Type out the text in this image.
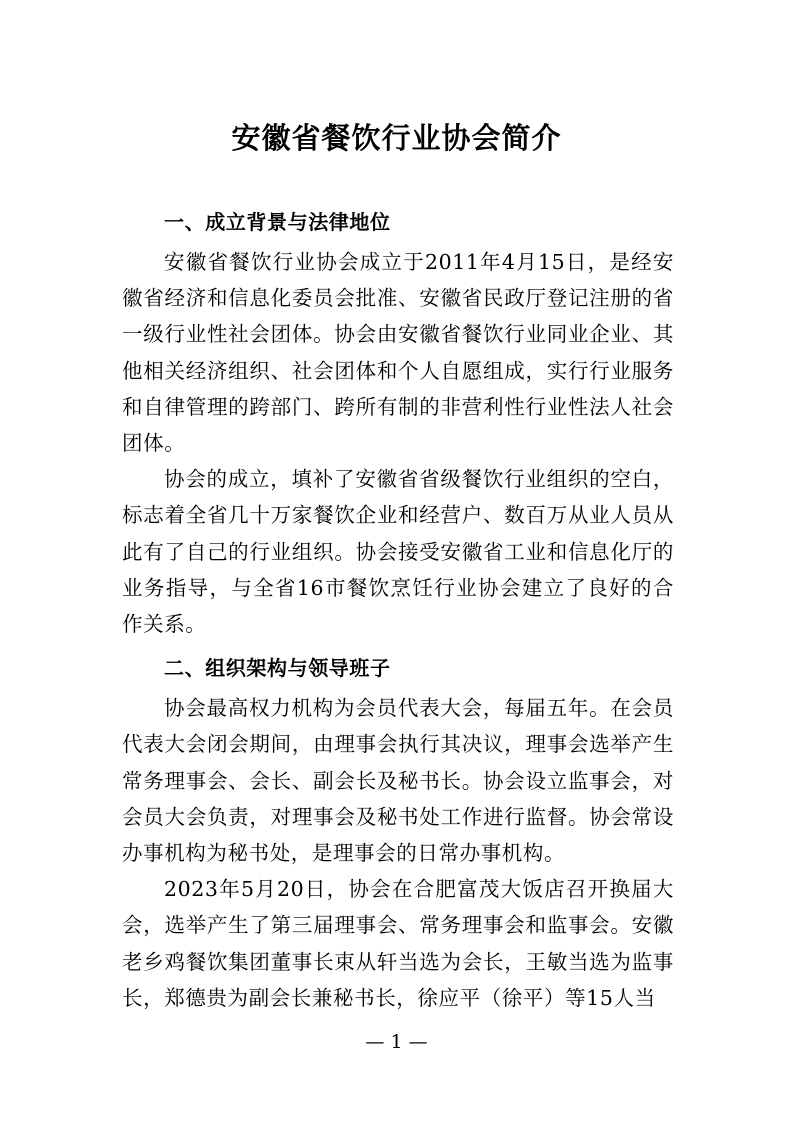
安徽省餐饮行业协会简介
一、成立背景与法律地位

安徽省餐饮行业协会成立于2011年4月15日，是经安徽省经济和信息化委员会批准、安徽省民政厅登记注册的省一级行业性社会团体。协会由安徽省餐饮行业同业企业、其他相关经济组织、社会团体和个人自愿组成，实行行业服务和自律管理的跨部门、跨所有制的非营利性行业性法人社会团体。

协会的成立，填补了安徽省省级餐饮行业组织的空白，标志着全省几十万家餐饮企业和经营户、数百万从业人员从此有了自己的行业组织。协会接受安徽省工业和信息化厅的业务指导，与全省16市餐饮烹饪行业协会建立了良好的合作关系。

二、组织架构与领导班子

协会最高权力机构为会员代表大会，每届五年。在会员代表大会闭会期间，由理事会执行其决议，理事会选举产生常务理事会、会长、副会长及秘书长。协会设立监事会，对会员大会负责，对理事会及秘书处工作进行监督。协会常设办事机构为秘书处，是理事会的日常办事机构。

2023年5月20日，协会在合肥富茂大饭店召开换届大会，选举产生了第三届理事会、常务理事会和监事会。安徽老乡鸡餐饮集团董事长束从轩当选为会长，王敏当选为监事长，郑德贵为副会长兼秘书长，徐应平（徐平）等15人当

— 1 —
